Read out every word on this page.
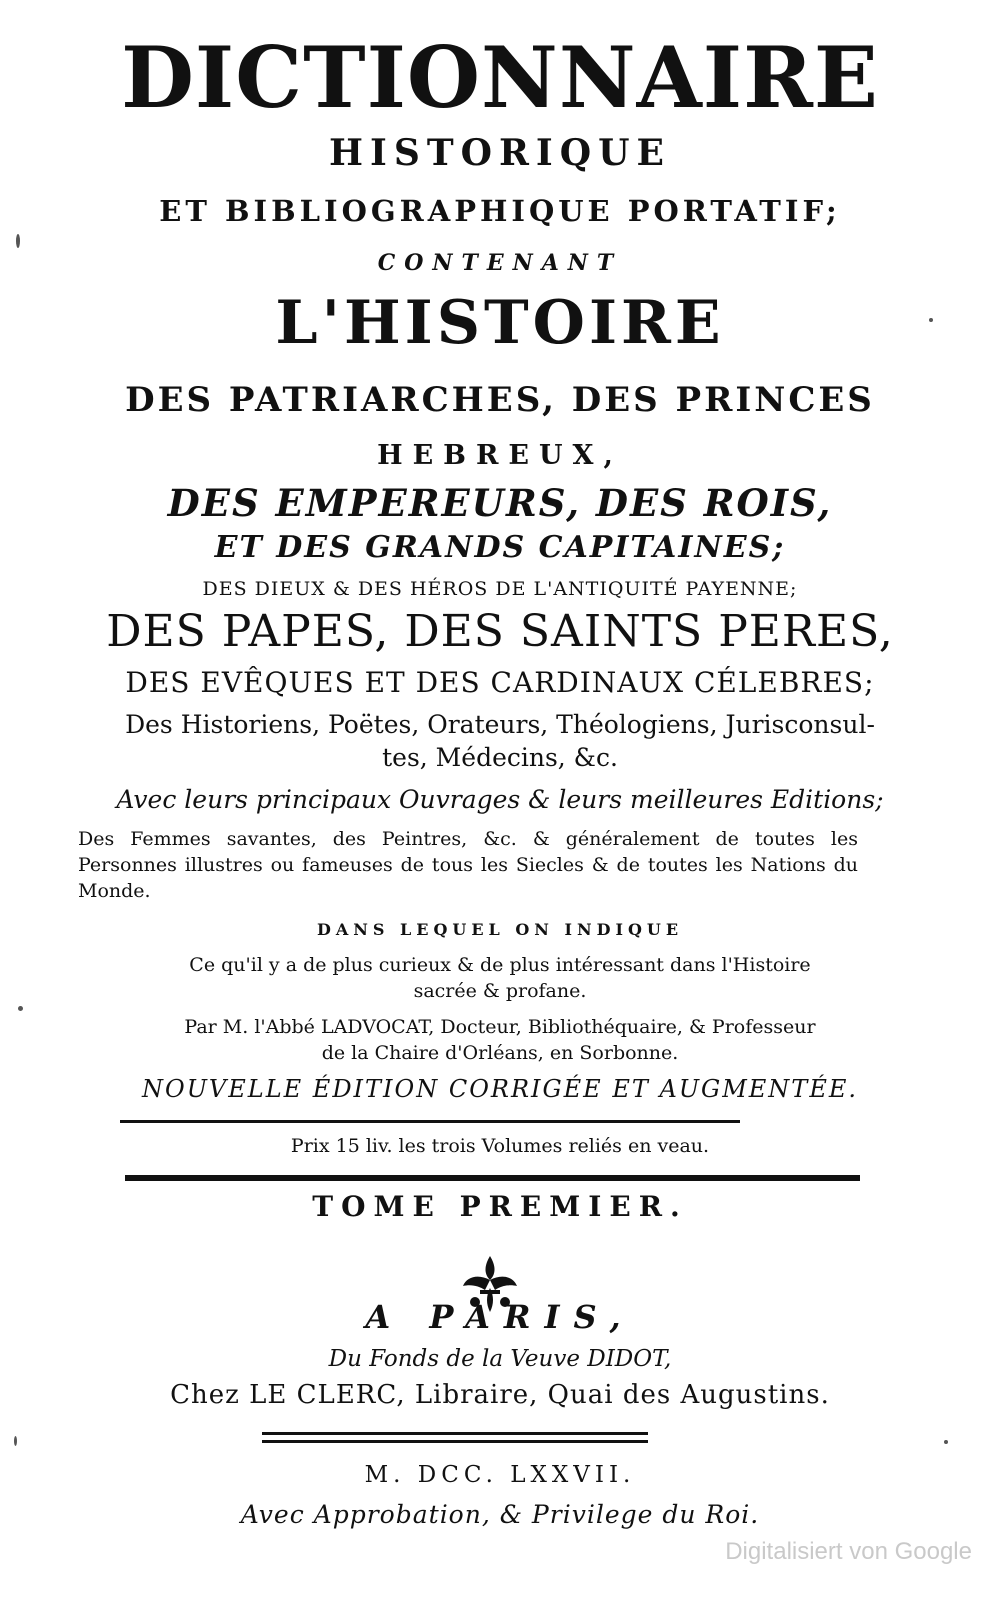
DICTIONNAIRE
HISTORIQUE
ET BIBLIOGRAPHIQUE PORTATIF;
CONTENANT
L'HISTOIRE
DES PATRIARCHES, DES PRINCES
HEBREUX,
DES EMPEREURS, DES ROIS,
ET DES GRANDS CAPITAINES;
DES DIEUX & DES HÉROS DE L'ANTIQUITÉ PAYENNE;
DES PAPES, DES SAINTS PERES,
DES EVÊQUES ET DES CARDINAUX CÉLEBRES;
Des Historiens, Poëtes, Orateurs, Théologiens, Jurisconsul-
tes, Médecins, &c.
Avec leurs principaux Ouvrages & leurs meilleures Editions;
Des Femmes savantes, des Peintres, &c. & généralement de toutes les Personnes illustres ou fameuses de tous les Siecles & de toutes les Nations du Monde.
DANS LEQUEL ON INDIQUE
Ce qu'il y a de plus curieux & de plus intéressant dans l'Histoire
sacrée & profane.
Par M. l'Abbé LADVOCAT, Docteur, Bibliothéquaire, & Professeur
de la Chaire d'Orléans, en Sorbonne.
NOUVELLE ÉDITION CORRIGÉE ET AUGMENTÉE.
Prix 15 liv. les trois Volumes reliés en veau.
TOME PREMIER.
A PARIS,
Du Fonds de la Veuve DIDOT,
Chez LE CLERC, Libraire, Quai des Augustins.
M. DCC. LXXVII.
Avec Approbation, & Privilege du Roi.
Digitalisiert von Google
